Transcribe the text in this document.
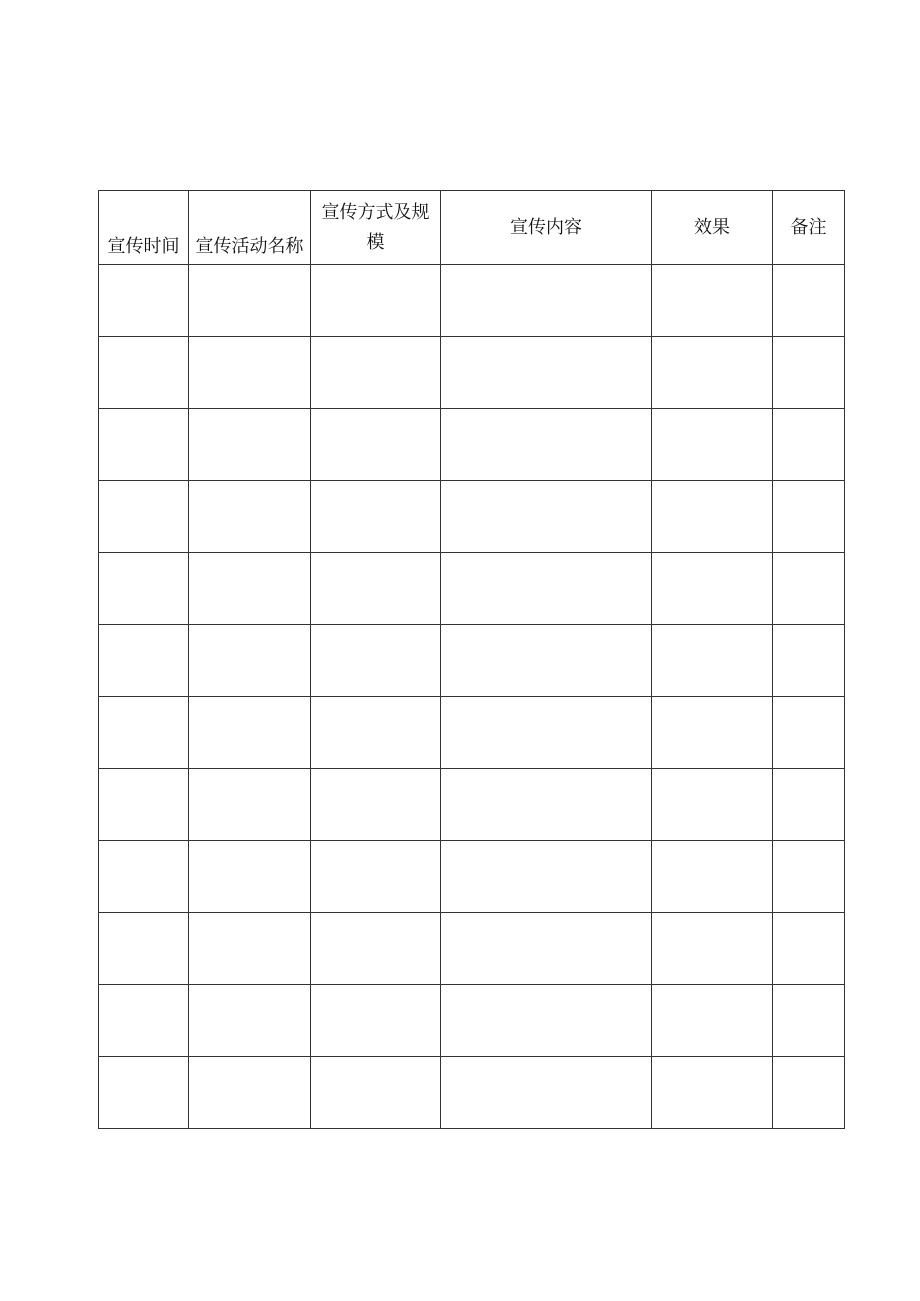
宣传时间	宣传活动名称	宣传方式及规模	宣传内容	效果	备注
